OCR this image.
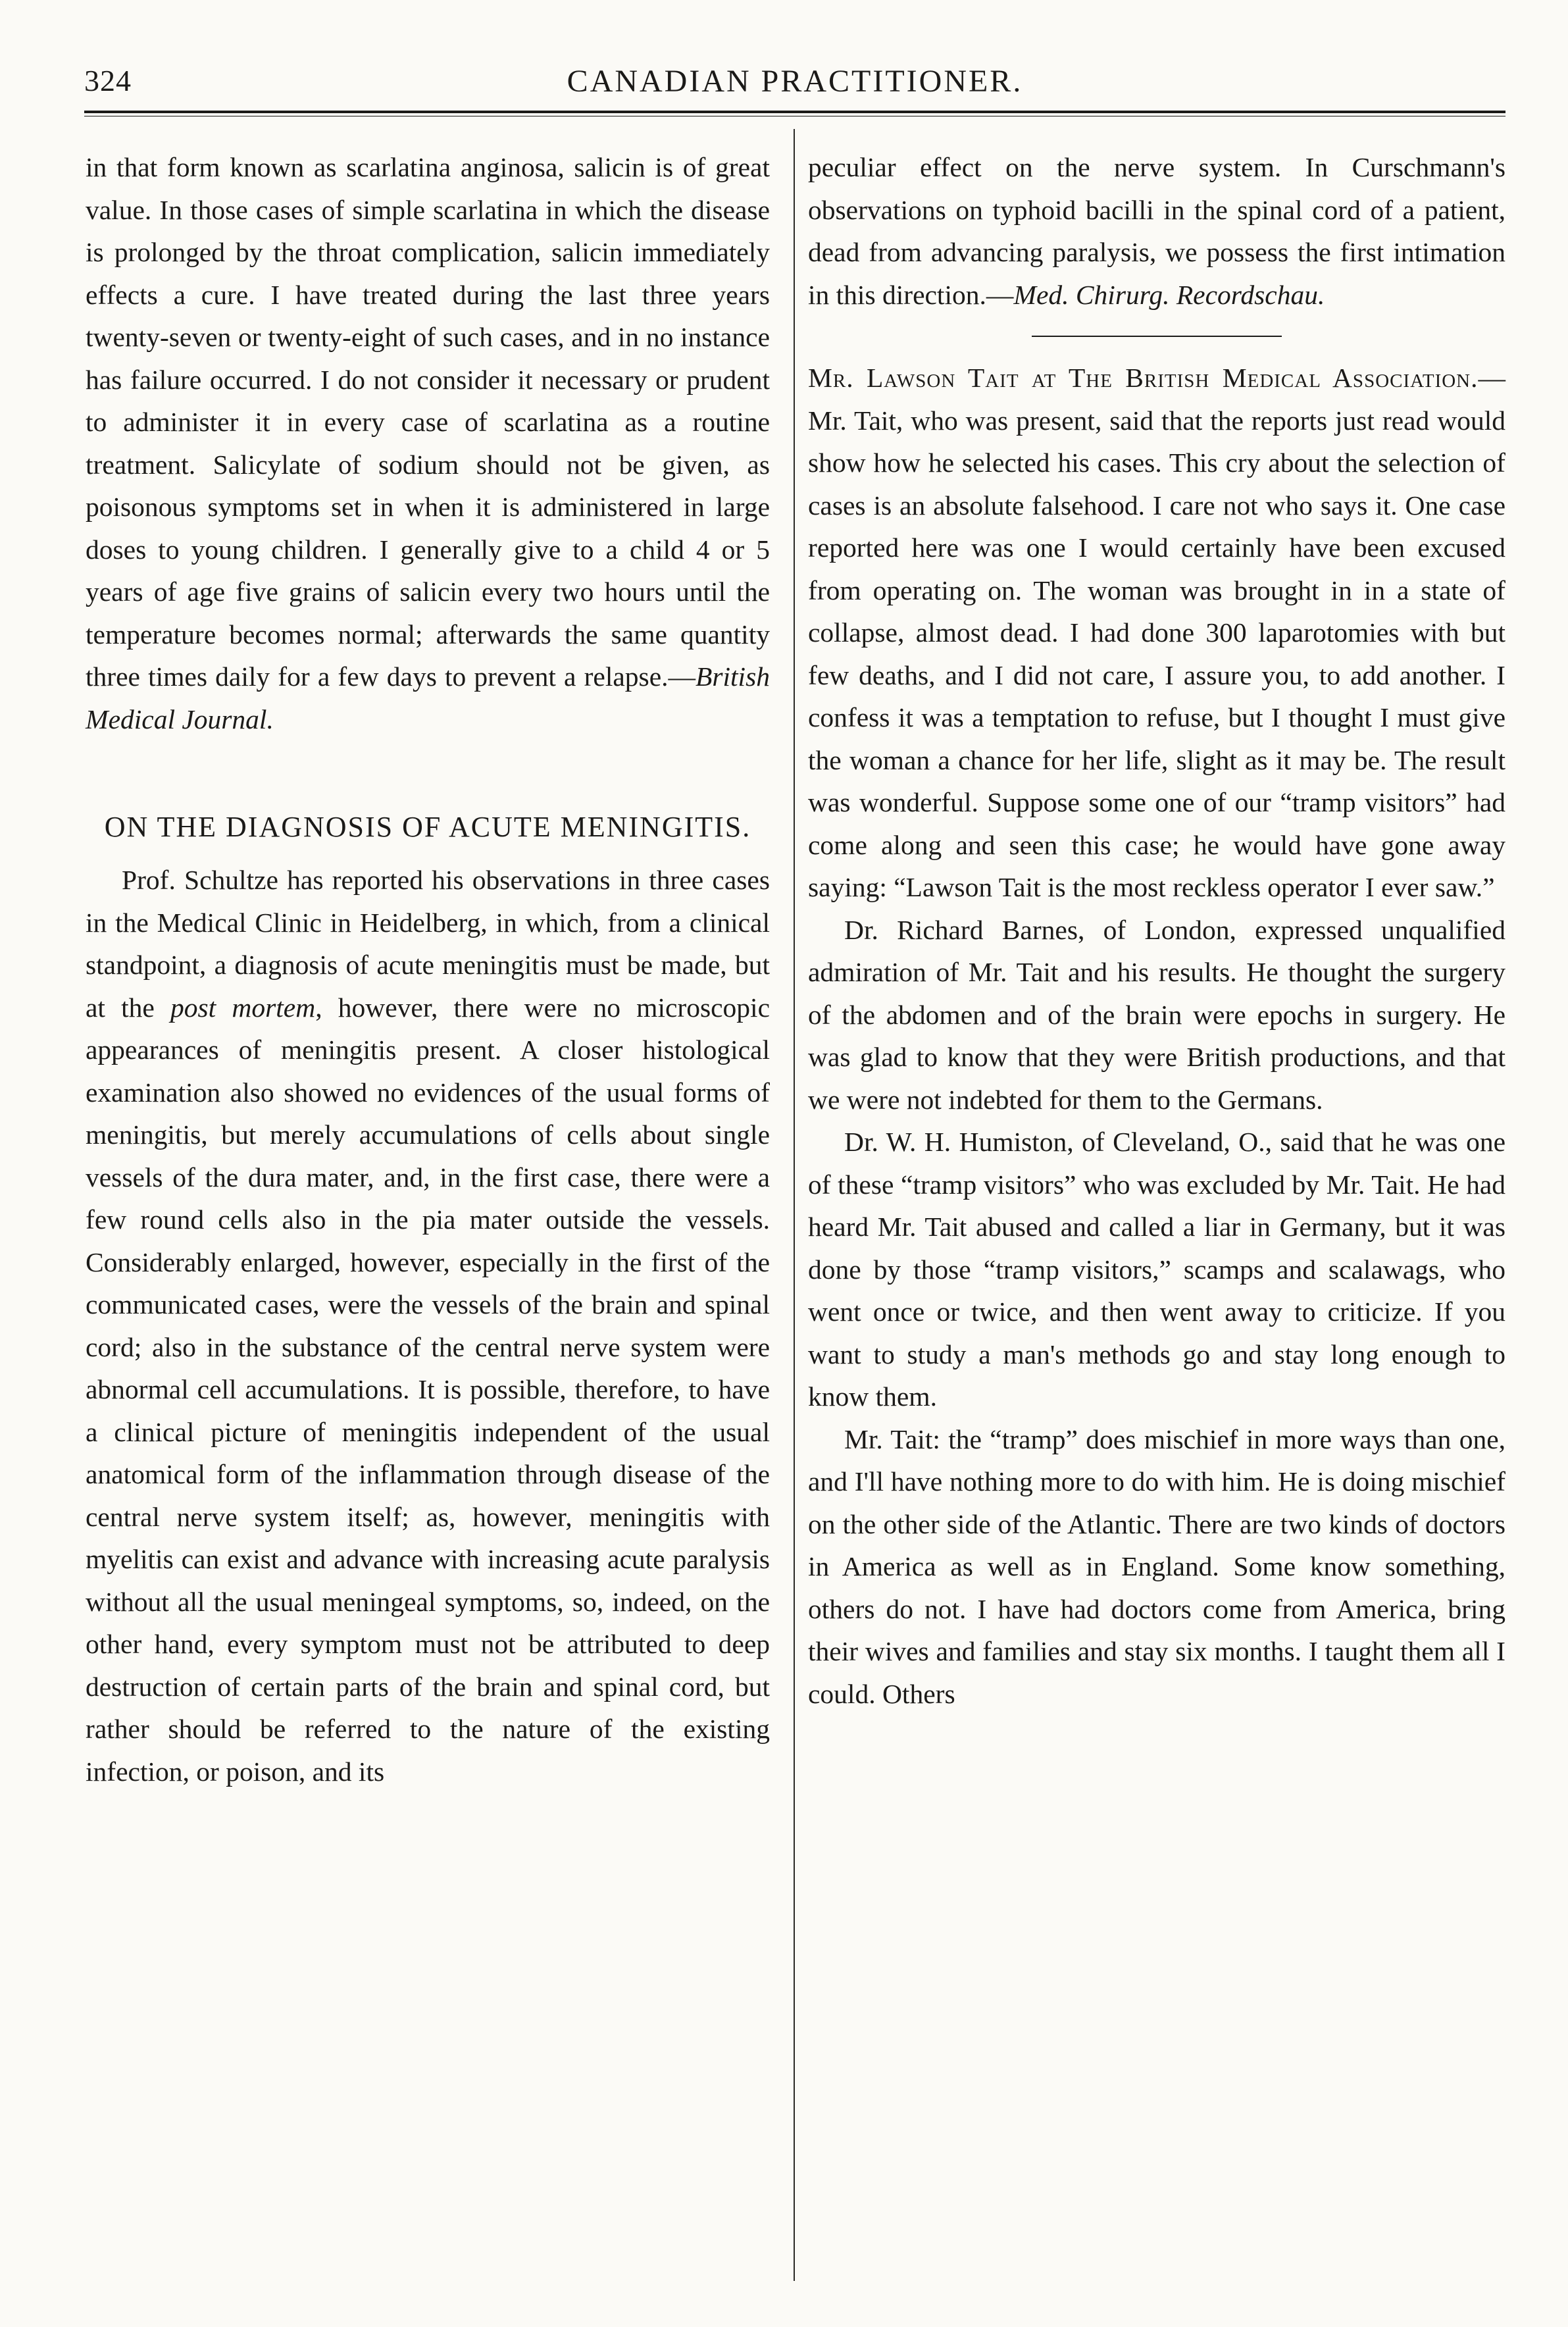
324	CANADIAN PRACTITIONER.

in that form known as scarlatina anginosa, salicin is of great value. In those cases of simple scarlatina in which the disease is prolonged by the throat complication, salicin immediately effects a cure. I have treated during the last three years twenty-seven or twenty-eight of such cases, and in no instance has failure occurred. I do not consider it necessary or prudent to administer it in every case of scarlatina as a routine treatment. Salicylate of sodium should not be given, as poisonous symptoms set in when it is administered in large doses to young children. I generally give to a child 4 or 5 years of age five grains of salicin every two hours until the temperature becomes normal; afterwards the same quantity three times daily for a few days to prevent a relapse.—British Medical Journal.

ON THE DIAGNOSIS OF ACUTE MENINGITIS.

Prof. Schultze has reported his observations in three cases in the Medical Clinic in Heidelberg, in which, from a clinical standpoint, a diagnosis of acute meningitis must be made, but at the post mortem, however, there were no microscopic appearances of meningitis present. A closer histological examination also showed no evidences of the usual forms of meningitis, but merely accumulations of cells about single vessels of the dura mater, and, in the first case, there were a few round cells also in the pia mater outside the vessels. Considerably enlarged, however, especially in the first of the communicated cases, were the vessels of the brain and spinal cord; also in the substance of the central nerve system were abnormal cell accumulations. It is possible, therefore, to have a clinical picture of meningitis independent of the usual anatomical form of the inflammation through disease of the central nerve system itself; as, however, meningitis with myelitis can exist and advance with increasing acute paralysis without all the usual meningeal symptoms, so, indeed, on the other hand, every symptom must not be attributed to deep destruction of certain parts of the brain and spinal cord, but rather should be referred to the nature of the existing infection, or poison, and its

peculiar effect on the nerve system. In Curschmann's observations on typhoid bacilli in the spinal cord of a patient, dead from advancing paralysis, we possess the first intimation in this direction.—Med. Chirurg. Recordschau.

Mr. Lawson Tait at The British Medical Association.—Mr. Tait, who was present, said that the reports just read would show how he selected his cases. This cry about the selection of cases is an absolute falsehood. I care not who says it. One case reported here was one I would certainly have been excused from operating on. The woman was brought in in a state of collapse, almost dead. I had done 300 laparotomies with but few deaths, and I did not care, I assure you, to add another. I confess it was a temptation to refuse, but I thought I must give the woman a chance for her life, slight as it may be. The result was wonderful. Suppose some one of our “tramp visitors” had come along and seen this case; he would have gone away saying: “Lawson Tait is the most reckless operator I ever saw.”

Dr. Richard Barnes, of London, expressed unqualified admiration of Mr. Tait and his results. He thought the surgery of the abdomen and of the brain were epochs in surgery. He was glad to know that they were British productions, and that we were not indebted for them to the Germans.

Dr. W. H. Humiston, of Cleveland, O., said that he was one of these “tramp visitors” who was excluded by Mr. Tait. He had heard Mr. Tait abused and called a liar in Germany, but it was done by those “tramp visitors,” scamps and scalawags, who went once or twice, and then went away to criticize. If you want to study a man's methods go and stay long enough to know them.

Mr. Tait: the “tramp” does mischief in more ways than one, and I'll have nothing more to do with him. He is doing mischief on the other side of the Atlantic. There are two kinds of doctors in America as well as in England. Some know something, others do not. I have had doctors come from America, bring their wives and families and stay six months. I taught them all I could. Others
